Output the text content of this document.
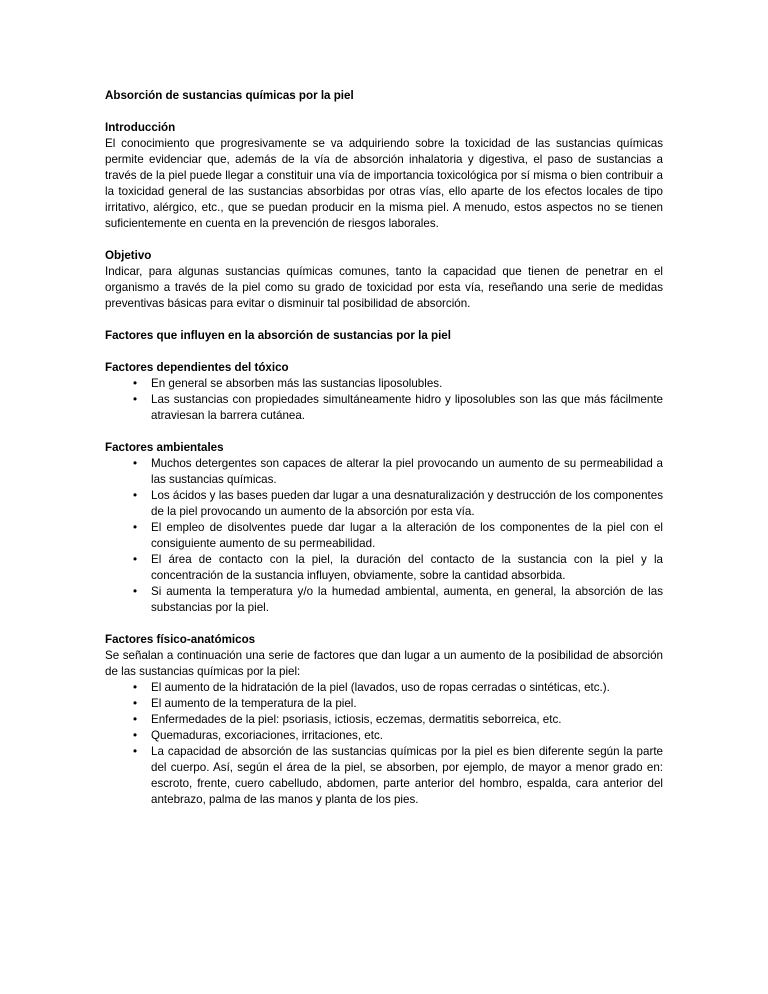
Absorción de sustancias químicas por la piel

Introducción

El conocimiento que progresivamente se va adquiriendo sobre la toxicidad de las sustancias químicas permite evidenciar que, además de la vía de absorción inhalatoria y digestiva, el paso de sustancias a través de la piel puede llegar a constituir una vía de importancia toxicológica por sí misma o bien contribuir a la toxicidad general de las sustancias absorbidas por otras vías, ello aparte de los efectos locales de tipo irritativo, alérgico, etc., que se puedan producir en la misma piel. A menudo, estos aspectos no se tienen suficientemente en cuenta en la prevención de riesgos laborales.

Objetivo

Indicar, para algunas sustancias químicas comunes, tanto la capacidad que tienen de penetrar en el organismo a través de la piel como su grado de toxicidad por esta vía, reseñando una serie de medidas preventivas básicas para evitar o disminuir tal posibilidad de absorción.

Factores que influyen en la absorción de sustancias por la piel

Factores dependientes del tóxico
• En general se absorben más las sustancias liposolubles.
• Las sustancias con propiedades simultáneamente hidro y liposolubles son las que más fácilmente atraviesan la barrera cutánea.

Factores ambientales
• Muchos detergentes son capaces de alterar la piel provocando un aumento de su permeabilidad a las sustancias químicas.
• Los ácidos y las bases pueden dar lugar a una desnaturalización y destrucción de los componentes de la piel provocando un aumento de la absorción por esta vía.
• El empleo de disolventes puede dar lugar a la alteración de los componentes de la piel con el consiguiente aumento de su permeabilidad.
• El área de contacto con la piel, la duración del contacto de la sustancia con la piel y la concentración de la sustancia influyen, obviamente, sobre la cantidad absorbida.
• Si aumenta la temperatura y/o la humedad ambiental, aumenta, en general, la absorción de las substancias por la piel.

Factores físico-anatómicos

Se señalan a continuación una serie de factores que dan lugar a un aumento de la posibilidad de absorción de las sustancias químicas por la piel:

• El aumento de la hidratación de la piel (lavados, uso de ropas cerradas o sintéticas, etc.).
• El aumento de la temperatura de la piel.
• Enfermedades de la piel: psoriasis, ictiosis, eczemas, dermatitis seborreica, etc.
• Quemaduras, excoriaciones, irritaciones, etc.
• La capacidad de absorción de las sustancias químicas por la piel es bien diferente según la parte del cuerpo. Así, según el área de la piel, se absorben, por ejemplo, de mayor a menor grado en: escroto, frente, cuero cabelludo, abdomen, parte anterior del hombro, espalda, cara anterior del antebrazo, palma de las manos y planta de los pies.
